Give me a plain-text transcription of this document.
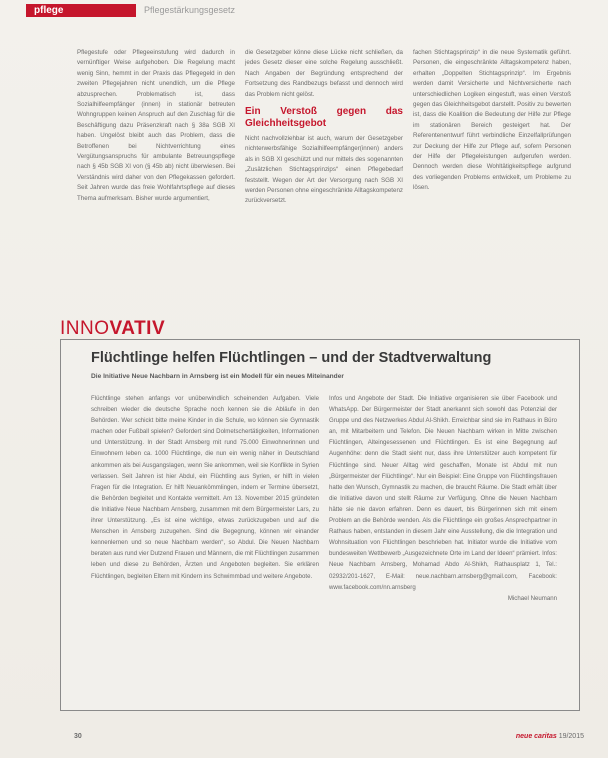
pflege	Pflegestärkungsgesetz

Pflegestufe oder Pflegeeinstufung wird dadurch in vernünftiger Weise aufgehoben. Die Regelung macht wenig Sinn, hemmt in der Praxis das Pflegegeld in den zweiten Pflegejahren nicht unendlich, um die Pflege abzusprechen. Problematisch ist, dass Sozialhilfeempfänger (innen) in stationär betreuten Wohngruppen keinen Anspruch auf den Zuschlag für die Beschäftigung dazu Präsenzkraft nach § 38a SGB XI haben. Ungelöst bleibt auch das Problem, dass die Betroffenen bei Nichtverrichtung eines Vergütungsanspruchs für ambulante Betreuungspflege nach § 45b SGB XI von (§ 45b ab) nicht überwiesen. Bei Verständnis wird daher von den Pflegekassen gefordert. Seit Jahren wurde das freie Wohlfahrtspflege auf dieses Thema aufmerksam. Bisher wurde argumentiert,

die Gesetzgeber könne diese Lücke nicht schließen, da jedes Gesetz dieser eine solche Regelung ausschließt. Nach Angaben der Begründung entsprechend der Fortsetzung des Randbezugs befasst und dennoch wird das Problem nicht gelöst.

Ein Verstoß gegen das Gleichheitsgebot

Nicht nachvollziehbar ist auch, warum der Gesetzgeber nichterwerbsfähige Sozialhilfeempfänger(innen) anders als in SGB XI geschützt und nur mittels des sogenannten „Zusätzlichen Stichtagsprinzips“ einen Pflegebedarf feststellt. Wegen der Art der Versorgung nach SGB XI werden Personen ohne eingeschränkte Alltagskompetenz zurückversetzt.

fachen Stichtagsprinzip“ in die neue Systematik geführt. Personen, die eingeschränkte Alltagskompetenz haben, erhalten „Doppelten Stichtagsprinzip“. Im Ergebnis werden damit Versicherte und Nichtversicherte nach unterschiedlichen Logiken eingestuft, was einen Verstoß gegen das Gleichheitsgebot darstellt. Positiv zu bewerten ist, dass die Koalition die Bedeutung der Hilfe zur Pflege im stationären Bereich gesteigert hat. Der Referentenentwurf führt verbindliche Einzelfallprüfungen zur Deckung der Hilfe zur Pflege auf, sofern Personen der Hilfe der Pflegeleistungen aufgerufen werden. Dennoch werden diese Wohltätigkeitspflege aufgrund des vorliegenden Problems entwickelt, um Probleme zu lösen.

INNOVATIV
Flüchtlinge helfen Flüchtlingen – und der Stadtverwaltung
Die Initiative Neue Nachbarn in Arnsberg ist ein Modell für ein neues Miteinander

Flüchtlinge stehen anfangs vor unüberwindlich scheinenden Aufgaben. Viele schreiben wieder die deutsche Sprache noch kennen sie die Abläufe in den Behörden. Wer schickt bitte meine Kinder in die Schule, wo können sie Gymnastik machen oder Fußball spielen? Gefordert sind Dolmetschertätigkeiten, Informationen und Unterstützung. In der Stadt Arnsberg mit rund 75.000 Einwohnerinnen und Einwohnern leben ca. 1000 Flüchtlinge, die nun ein wenig näher in Deutschland ankommen als bei Ausgangslagen, wenn Sie ankommen, weil sie Konflikte in Syrien verlassen. Seit Jahren ist hier Abdul, ein Flüchtling aus Syrien, er hilft in vielen Fragen für die Integration. Er hilft Neuankömmlingen, indem er Termine übersetzt, die Behörden begleitet und Kontakte vermittelt. Am 13. November 2015 gründeten die Initiative Neue Nachbarn Arnsberg, zusammen mit dem Bürgermeister Lars, zu ihrer Unterstützung. „Es ist eine wichtige, etwas zurückzugeben und auf die Menschen in Arnsberg zuzugehen. Sind die Begegnung, können wir einander kennenlernen und so neue Nachbarn werden“, so Abdul. Die Neuen Nachbarn beraten aus rund vier Dutzend Frauen und Männern, die mit Flüchtlingen zusammen leben und diese zu Behörden, Ärzten und Angeboten begleiten. Sie erklären Flüchtlingen, begleiten Eltern mit Kindern ins Schwimmbad und weitere Angebote.

Infos und Angebote der Stadt. Die Initiative organisieren sie über Facebook und WhatsApp. Der Bürgermeister der Stadt anerkannt sich sowohl das Potenzial der Gruppe und des Netzwerkes Abdul Al-Shikh. Erreichbar sind sie im Rathaus in Büro an, mit Mitarbeitern und Telefon. Die Neuen Nachbarn wirken in Mitte zwischen Flüchtlingen, Alteingesessenen und Flüchtlingen. Es ist eine Begegnung auf Augenhöhe: denn die Stadt sieht nur, dass ihre Unterstützer auch kompetent für Flüchtlinge sind. Neuer Alltag wird geschaffen, Monate ist Abdul mit nun „Bürgermeister der Flüchtlinge“. Nur ein Beispiel: Eine Gruppe von Flüchtlingsfrauen hatte den Wunsch, Gymnastik zu machen, die braucht Räume. Die Stadt erhält über die Initiative davon und stellt Räume zur Verfügung. Ohne die Neuen Nachbarn hätte sie nie davon erfahren. Denn es dauert, bis Bürgerinnen sich mit einem Problem an die Behörde wenden. Als die Flüchtlinge ein großes Ansprechpartner in Rathaus haben, entstanden in diesem Jahr eine Ausstellung, die die Integration und Wohnsituation von Flüchtlingen beschrieben hat. Initiator wurde die Initiative vom bundesweiten Wettbewerb „Ausgezeichnete Orte im Land der Ideen“ prämiert. Infos: Neue Nachbarn Arnsberg, Mohamad Abdo Al-Shikh, Rathausplatz 1, Tel.: 02932/201-1627, E-Mail: neue.nachbarn.arnsberg@gmail.com, Facebook: www.facebook.com/nn.arnsberg

Michael Neumann

30	neue caritas 19/2015
